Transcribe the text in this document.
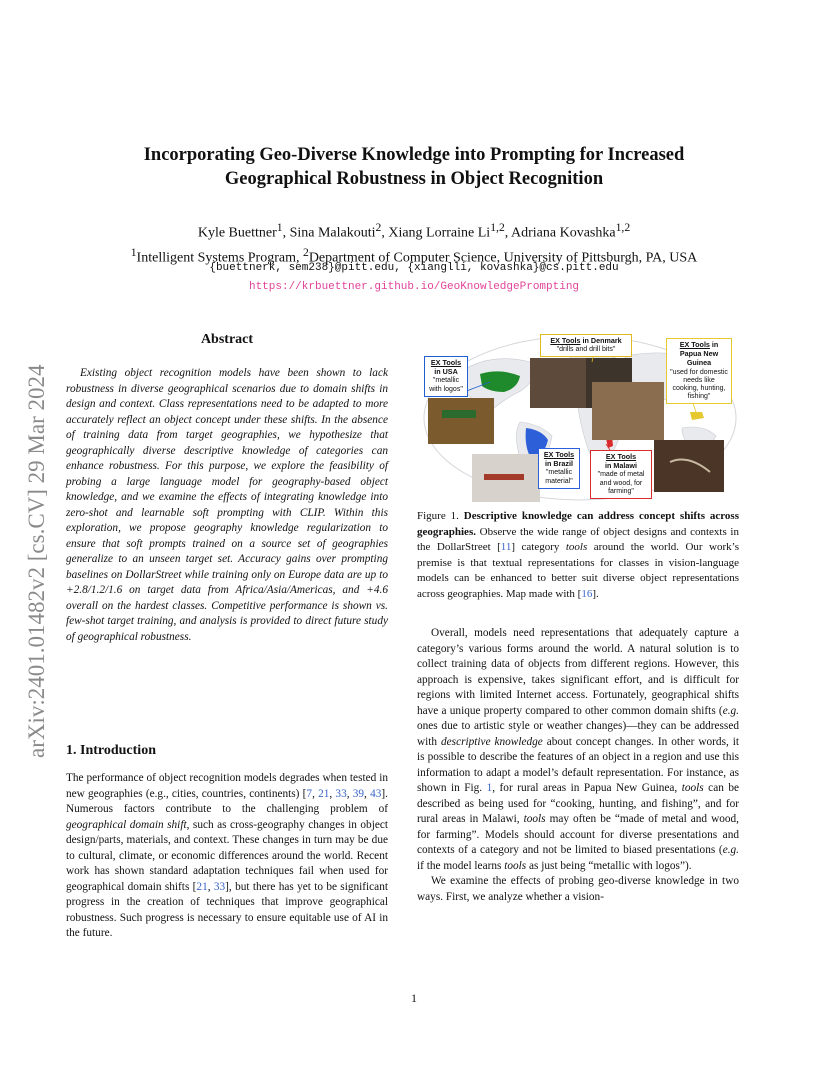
arXiv:2401.01482v2 [cs.CV] 29 Mar 2024
Incorporating Geo-Diverse Knowledge into Prompting for Increased
Geographical Robustness in Object Recognition
Kyle Buettner$^1$, Sina Malakouti$^2$, Xiang Lorraine Li$^{1,2}$, Adriana Kovashka$^{1,2}$
$^1$Intelligent Systems Program, $^2$Department of Computer Science, University of Pittsburgh, PA, USA
{buettnerk, sem238}@pitt.edu, {xianglli, kovashka}@cs.pitt.edu
https://krbuettner.github.io/GeoKnowledgePrompting
Abstract
Existing object recognition models have been shown to lack robustness in diverse geographical scenarios due to domain shifts in design and context. Class representations need to be adapted to more accurately reflect an object concept under these shifts. In the absence of training data from target geographies, we hypothesize that geographically diverse descriptive knowledge of categories can enhance robustness. For this purpose, we explore the feasibility of probing a large language model for geography-based object knowledge, and we examine the effects of integrating knowledge into zero-shot and learnable soft prompting with CLIP. Within this exploration, we propose geography knowledge regularization to ensure that soft prompts trained on a source set of geographies generalize to an unseen target set. Accuracy gains over prompting baselines on DollarStreet while training only on Europe data are up to +2.8/1.2/1.6 on target data from Africa/Asia/Americas, and +4.6 overall on the hardest classes. Competitive performance is shown vs. few-shot target training, and analysis is provided to direct future study of geographical robustness.
1. Introduction
The performance of object recognition models degrades when tested in new geographies (e.g., cities, countries, continents) [7, 21, 33, 39, 43]. Numerous factors contribute to the challenging problem of geographical domain shift, such as cross-geography changes in object design/parts, materials, and context. These changes in turn may be due to cultural, climate, or economic differences around the world. Recent work has shown standard adaptation techniques fail when used for geographical domain shifts [21, 33], but there has yet to be significant progress in the creation of techniques that improve geographical robustness. Such progress is necessary to ensure equitable use of AI in the future.
EX Tools
in USA
"metallic with logos"
EX Tools in Denmark
"drills and drill bits"
EX Tools in Papua New Guinea
"used for domestic needs like cooking, hunting, fishing"
EX Tools
in Brazil
"metallic material"
EX Tools
in Malawi
"made of metal and wood, for farming"
Figure 1. Descriptive knowledge can address concept shifts across geographies. Observe the wide range of object designs and contexts in the DollarStreet [11] category tools around the world. Our work’s premise is that textual representations for classes in vision-language models can be enhanced to better suit diverse object representations across geographies. Map made with [16].

Overall, models need representations that adequately capture a category’s various forms around the world. A natural solution is to collect training data of objects from different regions. However, this approach is expensive, takes significant effort, and is difficult for regions with limited Internet access. Fortunately, geographical shifts have a unique property compared to other common domain shifts (e.g. ones due to artistic style or weather changes)—they can be addressed with descriptive knowledge about concept changes. In other words, it is possible to describe the features of an object in a region and use this information to adapt a model’s default representation. For instance, as shown in Fig. 1, for rural areas in Papua New Guinea, tools can be described as being used for “cooking, hunting, and fishing”, and for rural areas in Malawi, tools may often be “made of metal and wood, for farming”. Models should account for diverse presentations and contexts of a category and not be limited to biased presentations (e.g. if the model learns tools as just being “metallic with logos”).

We examine the effects of probing geo-diverse knowledge in two ways. First, we analyze whether a vision-

1
